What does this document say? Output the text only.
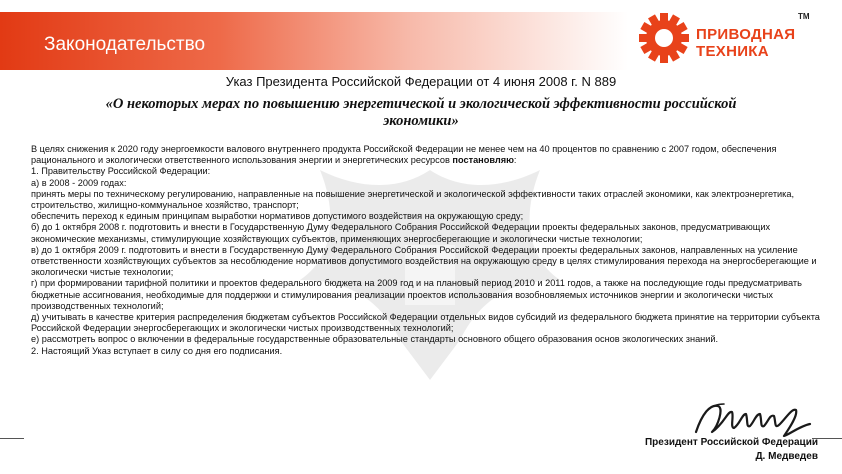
Законодательство	ПРИВОДНАЯ
ТЕХНИКА
TM
Указ Президента Российской Федерации от 4 июня 2008 г. N 889
«О некоторых мерах по повышению энергетической и экологической эффективности российской экономики»

В целях снижения к 2020 году энергоемкости валового внутреннего продукта Российской Федерации не менее чем на 40 процентов по сравнению с 2007 годом, обеспечения рационального и экологически ответственного использования энергии и энергетических ресурсов постановляю:

1. Правительству Российской Федерации:

а) в 2008 - 2009 годах:

принять меры по техническому регулированию, направленные на повышение энергетической и экологической эффективности таких отраслей экономики, как электроэнергетика, строительство, жилищно-коммунальное хозяйство, транспорт;

обеспечить переход к единым принципам выработки нормативов допустимого воздействия на окружающую среду;

б) до 1 октября 2008 г. подготовить и внести в Государственную Думу Федерального Собрания Российской Федерации проекты федеральных законов, предусматривающих экономические механизмы, стимулирующие хозяйствующих субъектов, применяющих энергосберегающие и экологически чистые технологии;

в) до 1 октября 2009 г. подготовить и внести в Государственную Думу Федерального Собрания Российской Федерации проекты федеральных законов, направленных на усиление ответственности хозяйствующих субъектов за несоблюдение нормативов допустимого воздействия на окружающую среду в целях стимулирования перехода на энергосберегающие и экологически чистые технологии;

г) при формировании тарифной политики и проектов федерального бюджета на 2009 год и на плановый период 2010 и 2011 годов, а также на последующие годы предусматривать бюджетные ассигнования, необходимые для поддержки и стимулирования реализации проектов использования возобновляемых источников энергии и экологически чистых производственных технологий;

д) учитывать в качестве критерия распределения бюджетам субъектов Российской Федерации отдельных видов субсидий из федерального бюджета принятие на территории субъекта Российской Федерации энергосберегающих и экологически чистых производственных технологий;

е) рассмотреть вопрос о включении в федеральные государственные образовательные стандарты основного общего образования основ экологических знаний.

2. Настоящий Указ вступает в силу со дня его подписания.

Президент Российской Федерации
Д. Медведев
